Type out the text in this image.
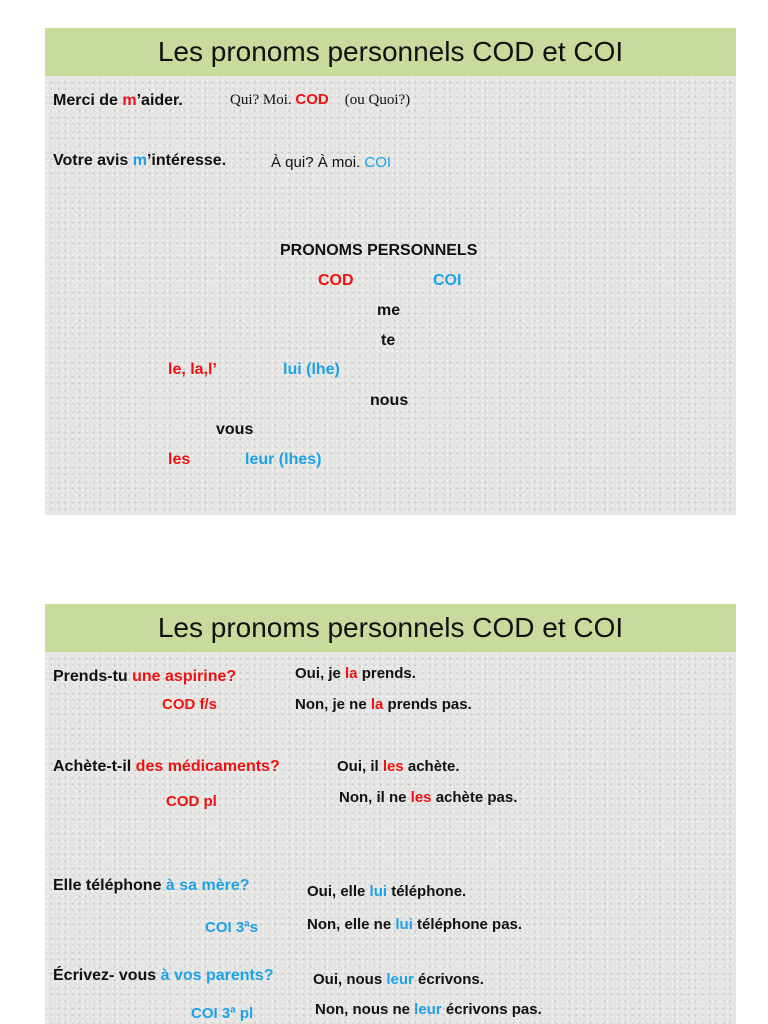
Les pronoms personnels COD et COI
Merci de m’aider.	Qui? Moi. COD (ou Quoi?)
Votre avis m’intéresse.	À qui? À moi. COI
PRONOMS PERSONNELS
COD	COI
me
te
le, la,l’	lui (lhe)
nous
vous
les	leur (lhes)
Les pronoms personnels COD et COI
Prends-tu une aspirine?
COD f/s
Oui, je la prends.
Non, je ne la prends pas.
Achète-t-il des médicaments?
COD pl
Oui, il les achète.
Non, il ne les achète pas.
Elle téléphone à sa mère?
COI 3ªs
Oui, elle lui téléphone.
Non, elle ne lui téléphone pas.
Écrivez- vous à vos parents?
COI 3ª pl
Oui, nous leur écrivons.
Non, nous ne leur écrivons pas.
